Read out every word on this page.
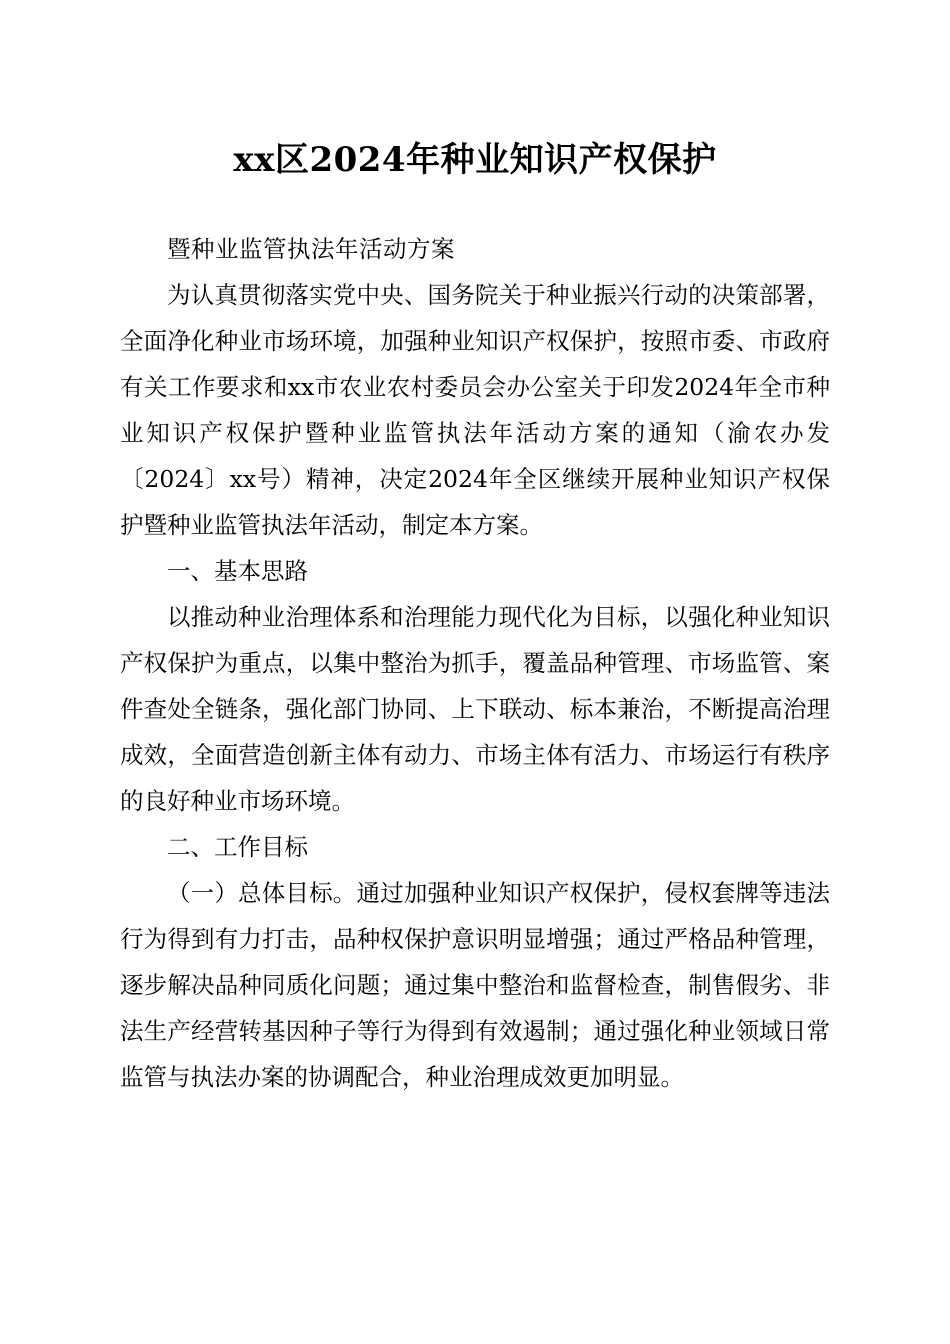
xx区2024年种业知识产权保护

暨种业监管执法年活动方案

为认真贯彻落实党中央、国务院关于种业振兴行动的决策部署，全面净化种业市场环境，加强种业知识产权保护，按照市委、市政府有关工作要求和xx市农业农村委员会办公室关于印发2024年全市种业知识产权保护暨种业监管执法年活动方案的通知（渝农办发〔2024〕xx号）精神，决定2024年全区继续开展种业知识产权保护暨种业监管执法年活动，制定本方案。

一、基本思路

以推动种业治理体系和治理能力现代化为目标，以强化种业知识产权保护为重点，以集中整治为抓手，覆盖品种管理、市场监管、案件查处全链条，强化部门协同、上下联动、标本兼治，不断提高治理成效，全面营造创新主体有动力、市场主体有活力、市场运行有秩序的良好种业市场环境。

二、工作目标

（一）总体目标。通过加强种业知识产权保护，侵权套牌等违法行为得到有力打击，品种权保护意识明显增强；通过严格品种管理，逐步解决品种同质化问题；通过集中整治和监督检查，制售假劣、非法生产经营转基因种子等行为得到有效遏制；通过强化种业领域日常监管与执法办案的协调配合，种业治理成效更加明显。
